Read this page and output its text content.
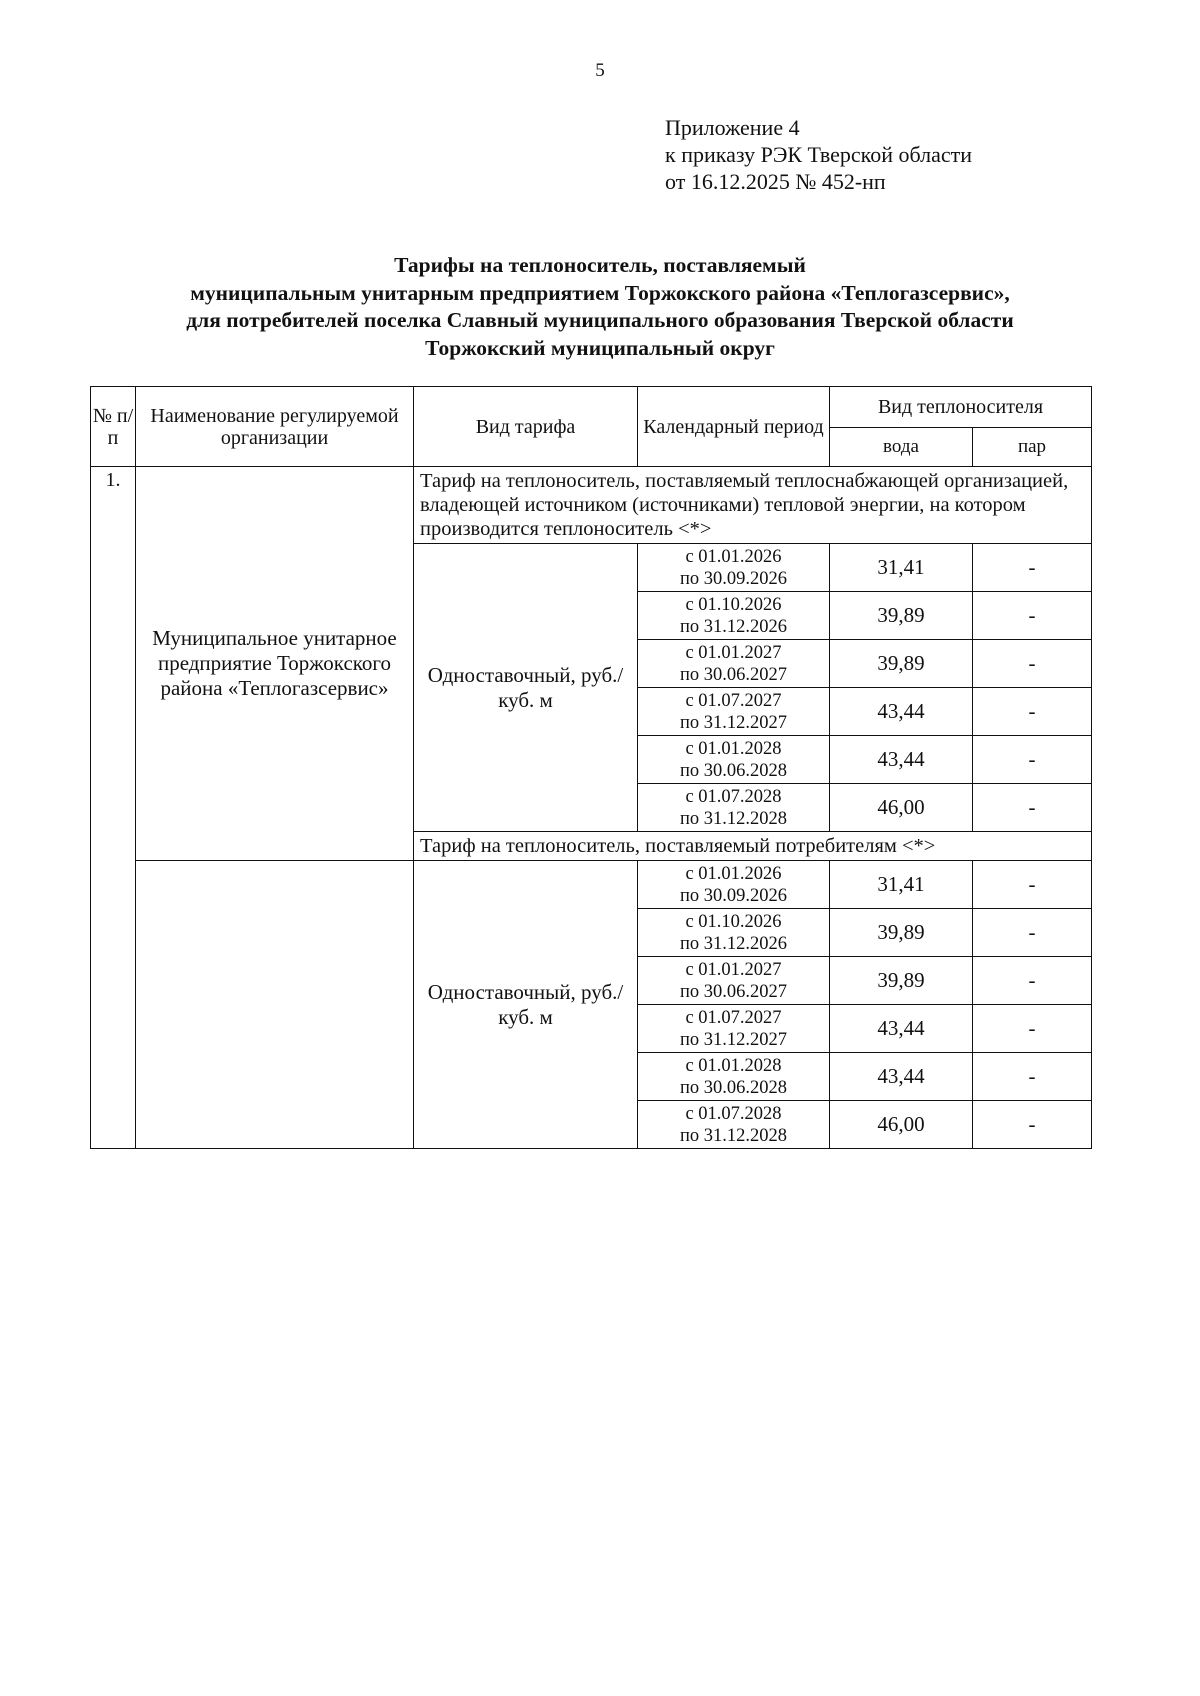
5
Приложение 4
к приказу РЭК Тверской области
от 16.12.2025 № 452-нп
Тарифы на теплоноситель, поставляемый
муниципальным унитарным предприятием Торжокского района «Теплогазсервис»,
для потребителей поселка Славный муниципального образования Тверской области
Торжокский муниципальный округ
№ п/п	Наименование регулируемой организации	Вид тарифа	Календарный период	Вид теплоносителя	
				вода	пар
1.	Муниципальное унитарное предприятие Торжокского района «Теплогазсервис»	Тариф на теплоноситель, поставляемый теплоснабжающей организацией, владеющей источником (источниками) тепловой энергии, на котором производится теплоноситель <*>			
		Одноставочный, руб./куб. м	с 01.01.2026
по 30.09.2026	31,41	-

			с 01.10.2026
по 31.12.2026	39,89	-

			с 01.01.2027
по 30.06.2027	39,89	-

			с 01.07.2027
по 31.12.2027	43,44	-

			с 01.01.2028
по 30.06.2028	43,44	-

			с 01.07.2028
по 31.12.2028	46,00	-
		Тариф на теплоноситель, поставляемый потребителям <*>			
		Одноставочный, руб./куб. м	с 01.01.2026
по 30.09.2026	31,41	-

			с 01.10.2026
по 31.12.2026	39,89	-

			с 01.01.2027
по 30.06.2027	39,89	-

			с 01.07.2027
по 31.12.2027	43,44	-

			с 01.01.2028
по 30.06.2028	43,44	-

			с 01.07.2028
по 31.12.2028	46,00	-
